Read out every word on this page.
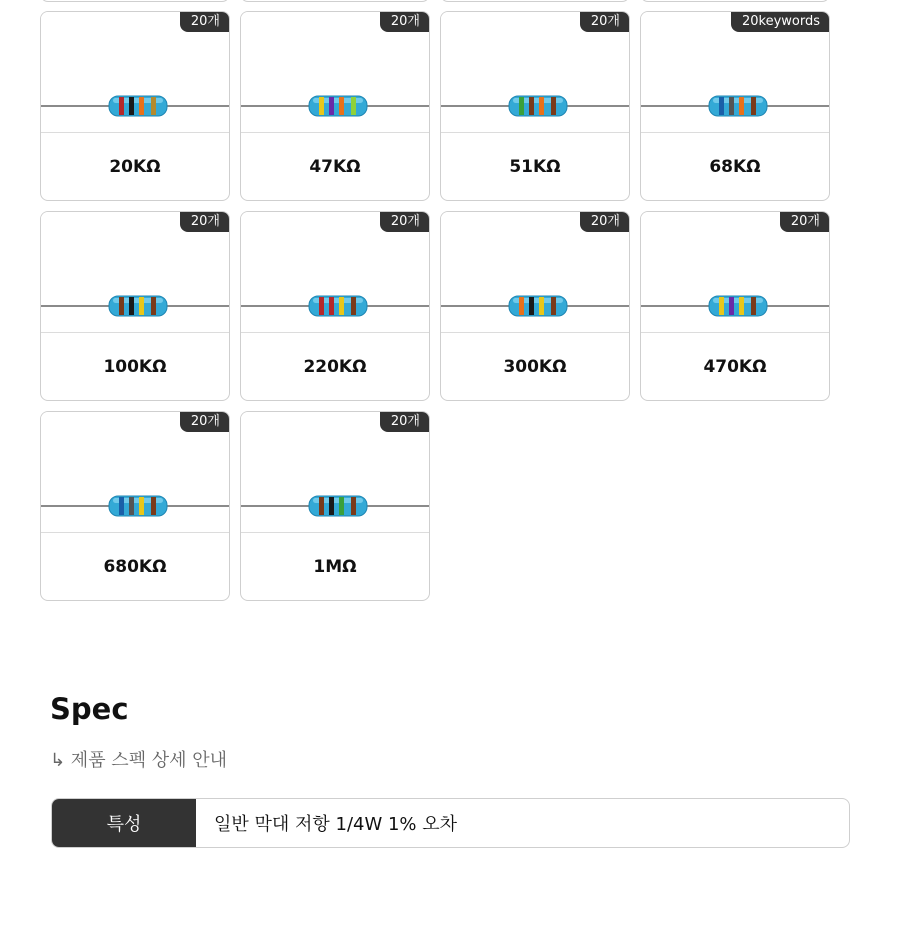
20개
20KΩ
20개
47KΩ
20개
51KΩ
20keywords
68KΩ
20개
100KΩ
20개
220KΩ
20개
300KΩ
20개
470KΩ
20개
680KΩ
20개
1MΩ
Spec
↳ 제품 스펙 상세 안내
특성	일반 막대 저항 1/4W 1% 오차
